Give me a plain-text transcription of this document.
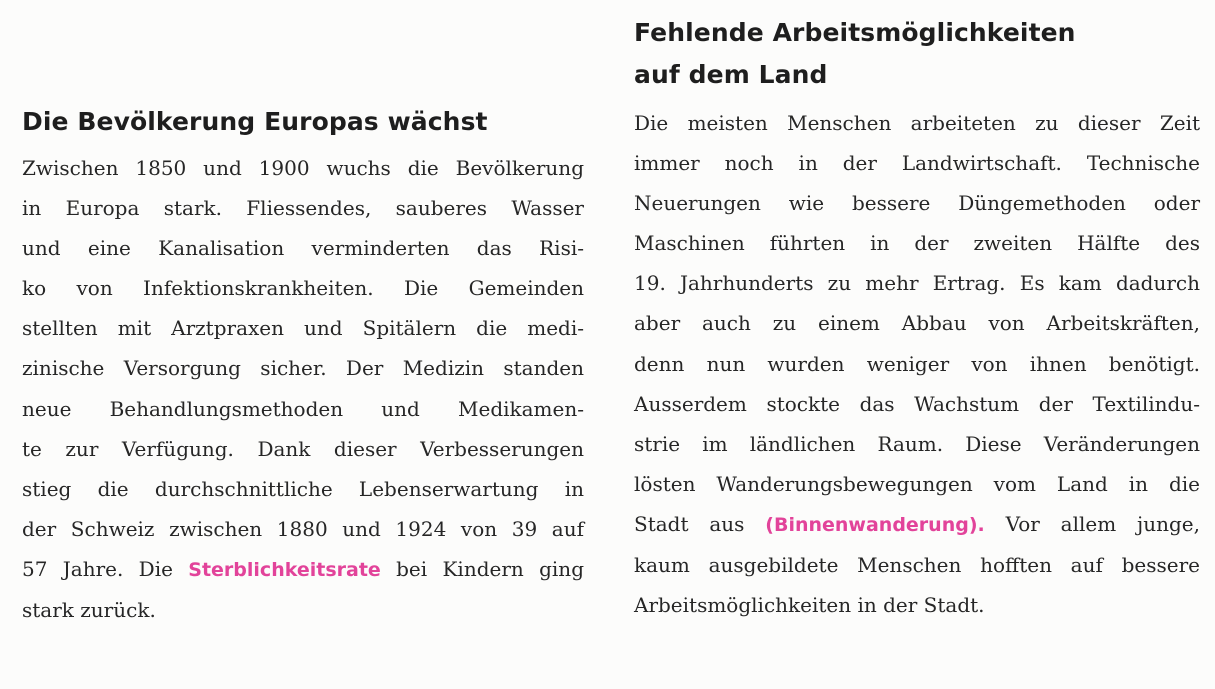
Die Bevölkerung Europas wächst

Zwischen 1850 und 1900 wuchs die Bevölkerung
in Europa stark. Fliessendes, sauberes Wasser
und eine Kanalisation verminderten das Risi-
ko von Infektionskrankheiten. Die Gemeinden
stellten mit Arztpraxen und Spitälern die medi-
zinische Versorgung sicher. Der Medizin standen
neue Behandlungsmethoden und Medikamen-
te zur Verfügung. Dank dieser Verbesserungen
stieg die durchschnittliche Lebenserwartung in
der Schweiz zwischen 1880 und 1924 von 39 auf
57 Jahre. Die Sterblichkeitsrate bei Kindern ging
stark zurück.

Fehlende Arbeitsmöglichkeiten
auf dem Land

Die meisten Menschen arbeiteten zu dieser Zeit
immer noch in der Landwirtschaft. Technische
Neuerungen wie bessere Düngemethoden oder
Maschinen führten in der zweiten Hälfte des
19. Jahrhunderts zu mehr Ertrag. Es kam dadurch
aber auch zu einem Abbau von Arbeitskräften,
denn nun wurden weniger von ihnen benötigt.
Ausserdem stockte das Wachstum der Textilindu-
strie im ländlichen Raum. Diese Veränderungen
lösten Wanderungsbewegungen vom Land in die
Stadt aus (Binnenwanderung). Vor allem junge,
kaum ausgebildete Menschen hofften auf bessere
Arbeitsmöglichkeiten in der Stadt.
